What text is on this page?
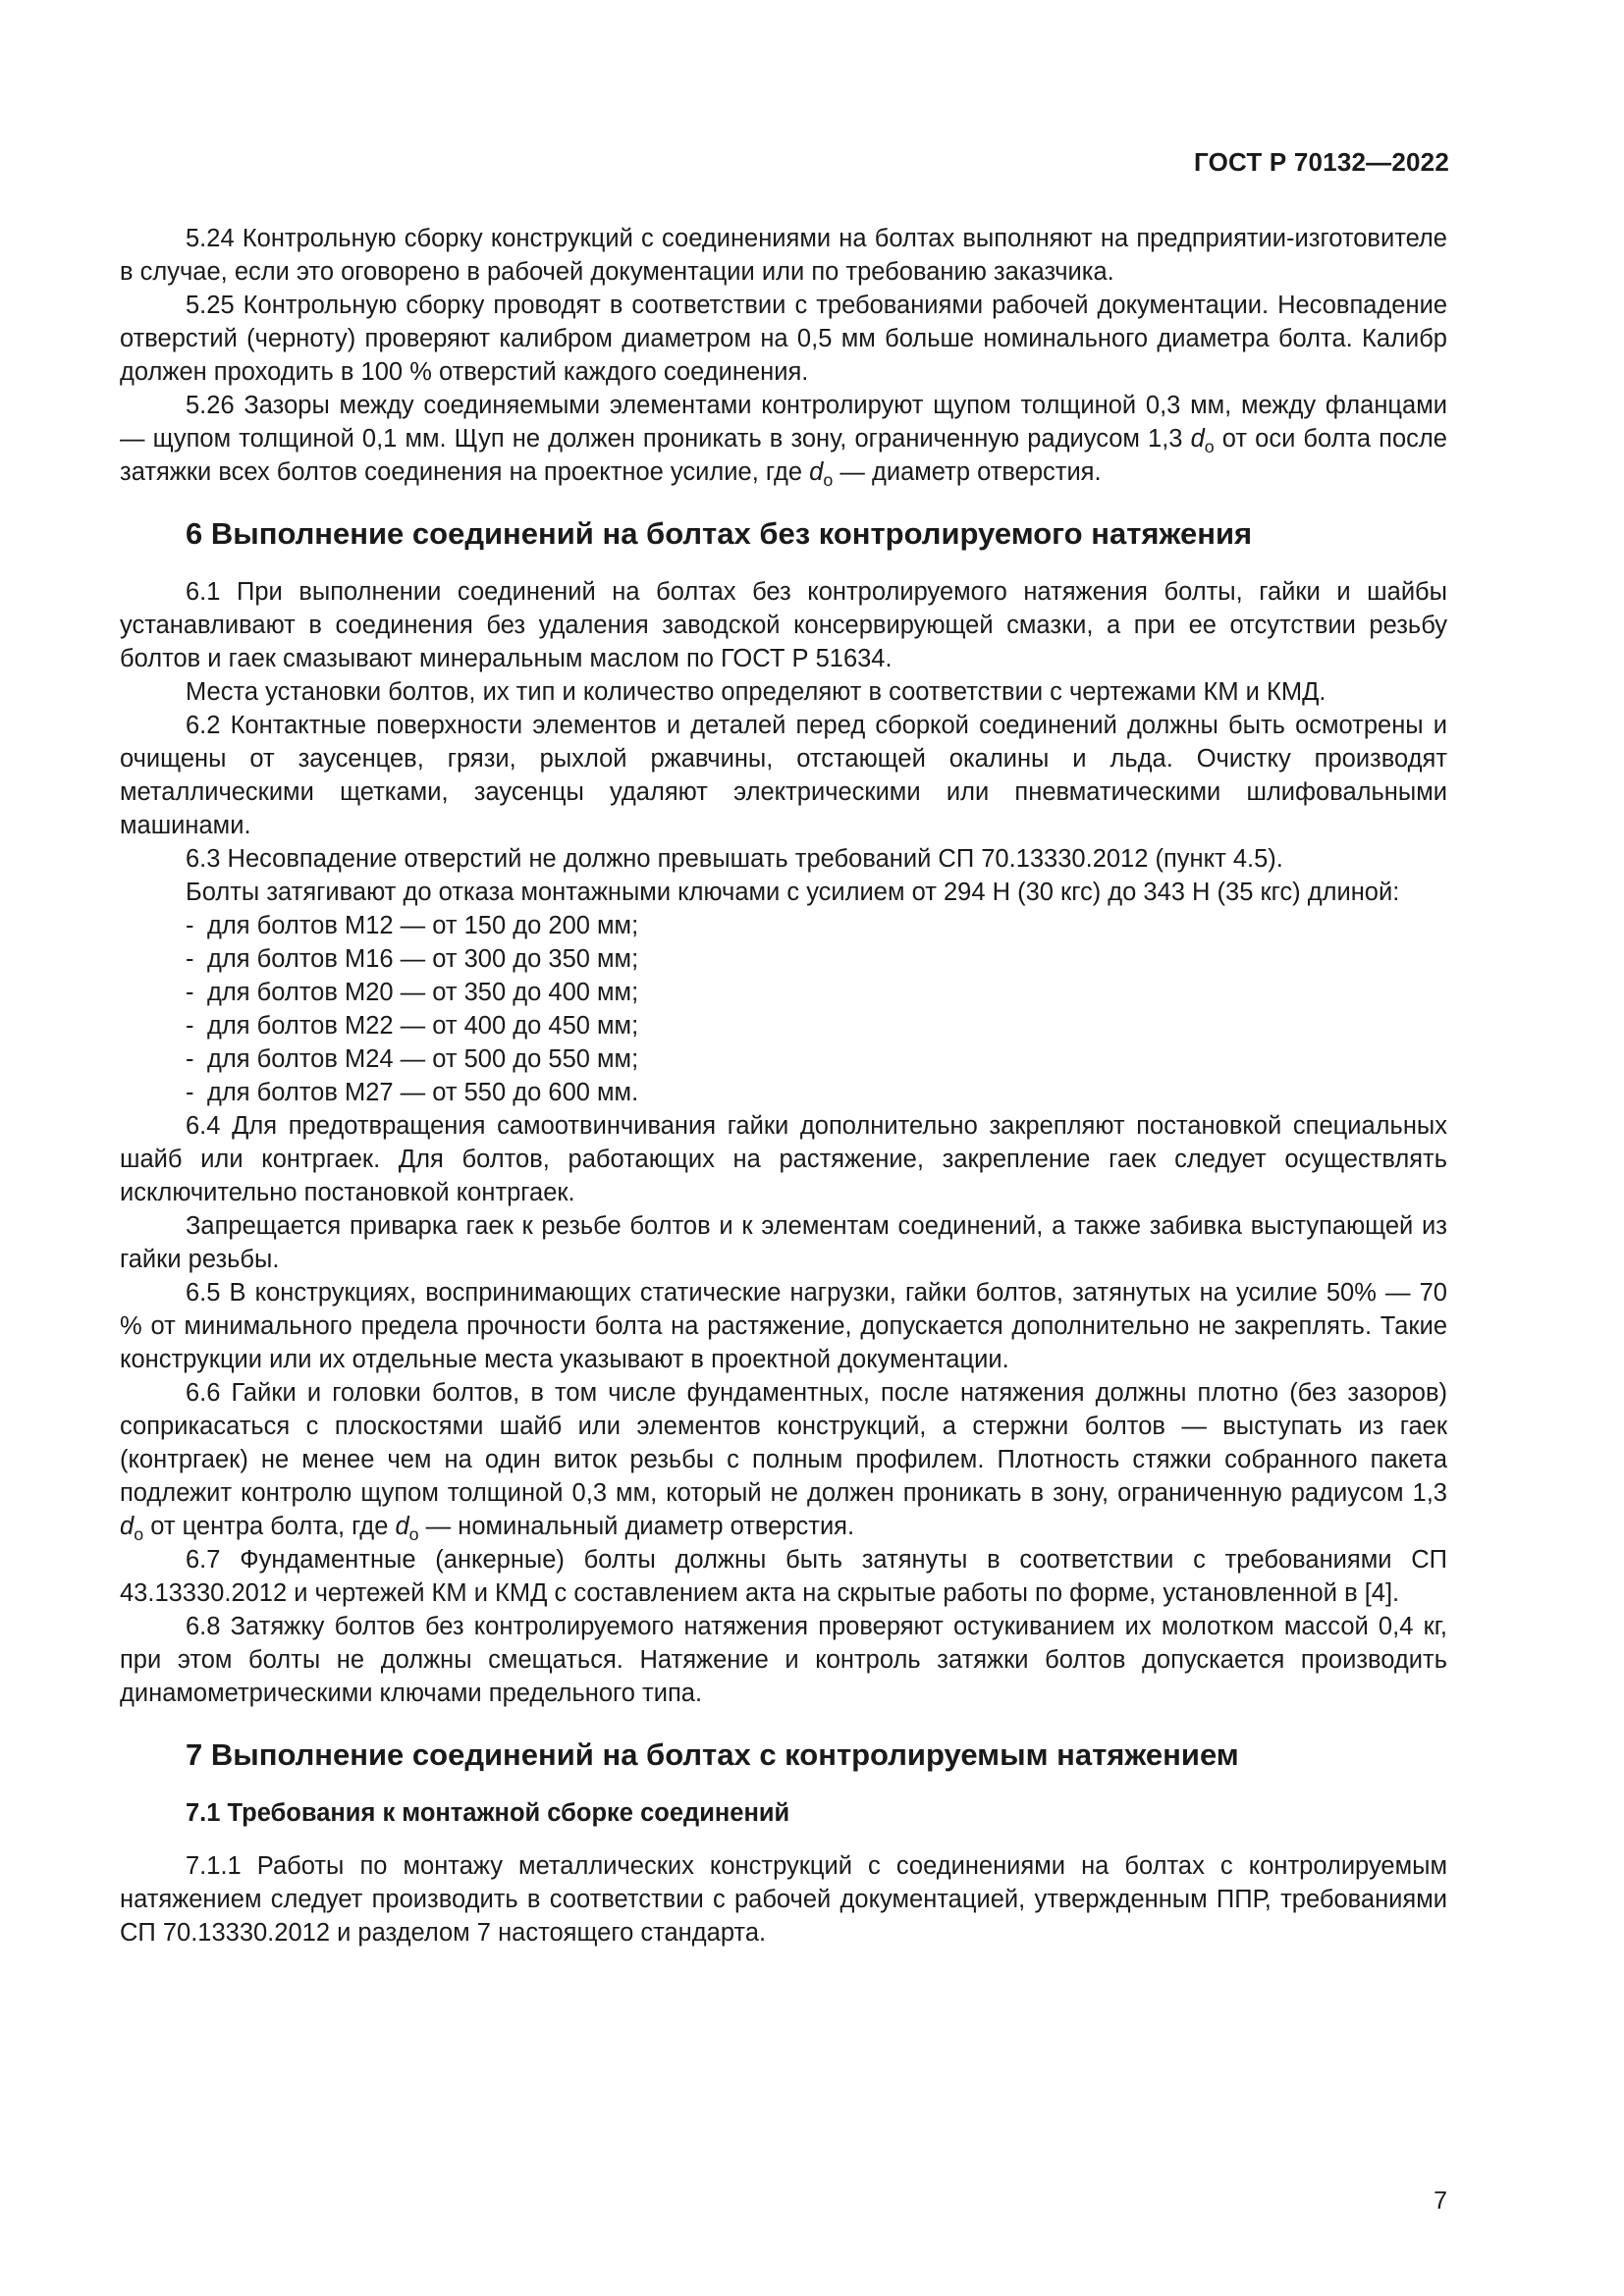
ГОСТ Р 70132—2022

5.24 Контрольную сборку конструкций с соединениями на болтах выполняют на предприятии-изготовителе в случае, если это оговорено в рабочей документации или по требованию заказчика.

5.25 Контрольную сборку проводят в соответствии с требованиями рабочей документации. Несовпадение отверстий (черноту) проверяют калибром диаметром на 0,5 мм больше номинального диаметра болта. Калибр должен проходить в 100 % отверстий каждого соединения.

5.26 Зазоры между соединяемыми элементами контролируют щупом толщиной 0,3 мм, между фланцами — щупом толщиной 0,1 мм. Щуп не должен проникать в зону, ограниченную радиусом 1,3 $d_о$ от оси болта после затяжки всех болтов соединения на проектное усилие, где $d_о$ — диаметр отверстия.

6 Выполнение соединений на болтах без контролируемого натяжения

6.1 При выполнении соединений на болтах без контролируемого натяжения болты, гайки и шайбы устанавливают в соединения без удаления заводской консервирующей смазки, а при ее отсутствии резьбу болтов и гаек смазывают минеральным маслом по ГОСТ Р 51634.

Места установки болтов, их тип и количество определяют в соответствии с чертежами КМ и КМД.

6.2 Контактные поверхности элементов и деталей перед сборкой соединений должны быть осмотрены и очищены от заусенцев, грязи, рыхлой ржавчины, отстающей окалины и льда. Очистку производят металлическими щетками, заусенцы удаляют электрическими или пневматическими шлифовальными машинами.

6.3 Несовпадение отверстий не должно превышать требований СП 70.13330.2012 (пункт 4.5).

Болты затягивают до отказа монтажными ключами с усилием от 294 Н (30 кгс) до 343 Н (35 кгс) длиной:

- для болтов М12 — от 150 до 200 мм;
- для болтов М16 — от 300 до 350 мм;
- для болтов М20 — от 350 до 400 мм;
- для болтов М22 — от 400 до 450 мм;
- для болтов М24 — от 500 до 550 мм;
- для болтов М27 — от 550 до 600 мм.

6.4 Для предотвращения самоотвинчивания гайки дополнительно закрепляют постановкой специальных шайб или контргаек. Для болтов, работающих на растяжение, закрепление гаек следует осуществлять исключительно постановкой контргаек.

Запрещается приварка гаек к резьбе болтов и к элементам соединений, а также забивка выступающей из гайки резьбы.

6.5 В конструкциях, воспринимающих статические нагрузки, гайки болтов, затянутых на усилие 50% — 70 % от минимального предела прочности болта на растяжение, допускается дополнительно не закреплять. Такие конструкции или их отдельные места указывают в проектной документации.

6.6 Гайки и головки болтов, в том числе фундаментных, после натяжения должны плотно (без зазоров) соприкасаться с плоскостями шайб или элементов конструкций, а стержни болтов — выступать из гаек (контргаек) не менее чем на один виток резьбы с полным профилем. Плотность стяжки собранного пакета подлежит контролю щупом толщиной 0,3 мм, который не должен проникать в зону, ограниченную радиусом 1,3 $d_о$ от центра болта, где $d_о$ — номинальный диаметр отверстия.

6.7 Фундаментные (анкерные) болты должны быть затянуты в соответствии с требованиями СП 43.13330.2012 и чертежей КМ и КМД с составлением акта на скрытые работы по форме, установленной в [4].

6.8 Затяжку болтов без контролируемого натяжения проверяют остукиванием их молотком массой 0,4 кг, при этом болты не должны смещаться. Натяжение и контроль затяжки болтов допускается производить динамометрическими ключами предельного типа.

7 Выполнение соединений на болтах с контролируемым натяжением
7.1 Требования к монтажной сборке соединений

7.1.1 Работы по монтажу металлических конструкций с соединениями на болтах с контролируемым натяжением следует производить в соответствии с рабочей документацией, утвержденным ППР, требованиями СП 70.13330.2012 и разделом 7 настоящего стандарта.

7
